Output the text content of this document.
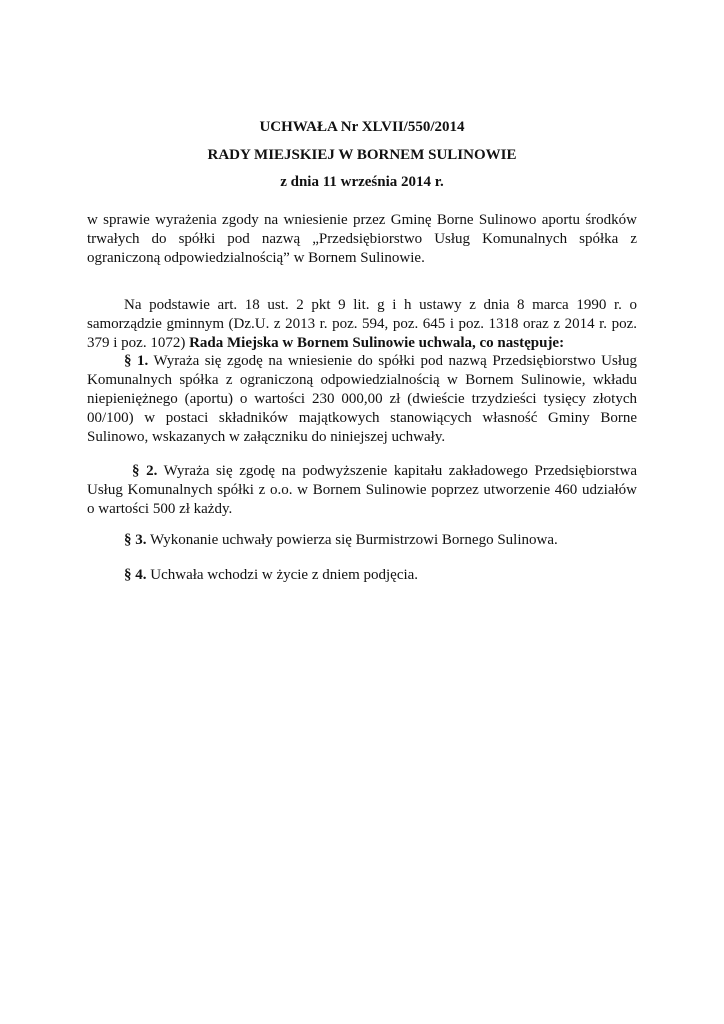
UCHWAŁA Nr XLVII/550/2014
RADY MIEJSKIEJ W BORNEM SULINOWIE
z dnia 11 września 2014 r.
w sprawie wyrażenia zgody na wniesienie przez Gminę Borne Sulinowo aportu środków trwałych do spółki pod nazwą „Przedsiębiorstwo Usług Komunalnych spółka z ograniczoną odpowiedzialnością” w Bornem Sulinowie.
Na podstawie art. 18 ust. 2 pkt 9 lit. g i h ustawy z dnia 8 marca 1990 r. o samorządzie gminnym (Dz.U. z 2013 r. poz. 594, poz. 645 i poz. 1318 oraz z 2014 r. poz. 379 i poz. 1072) Rada Miejska w Bornem Sulinowie uchwala, co następuje:
§ 1. Wyraża się zgodę na wniesienie do spółki pod nazwą Przedsiębiorstwo Usług Komunalnych spółka z ograniczoną odpowiedzialnością w Bornem Sulinowie, wkładu niepieniężnego (aportu) o wartości 230 000,00 zł (dwieście trzydzieści tysięcy złotych 00/100) w postaci składników majątkowych stanowiących własność Gminy Borne Sulinowo, wskazanych w załączniku do niniejszej uchwały.
§ 2. Wyraża się zgodę na podwyższenie kapitału zakładowego Przedsiębiorstwa Usług Komunalnych spółki z o.o. w Bornem Sulinowie poprzez utworzenie 460 udziałów o wartości 500 zł każdy.
§ 3. Wykonanie uchwały powierza się Burmistrzowi Bornego Sulinowa.
§ 4. Uchwała wchodzi w życie z dniem podjęcia.
